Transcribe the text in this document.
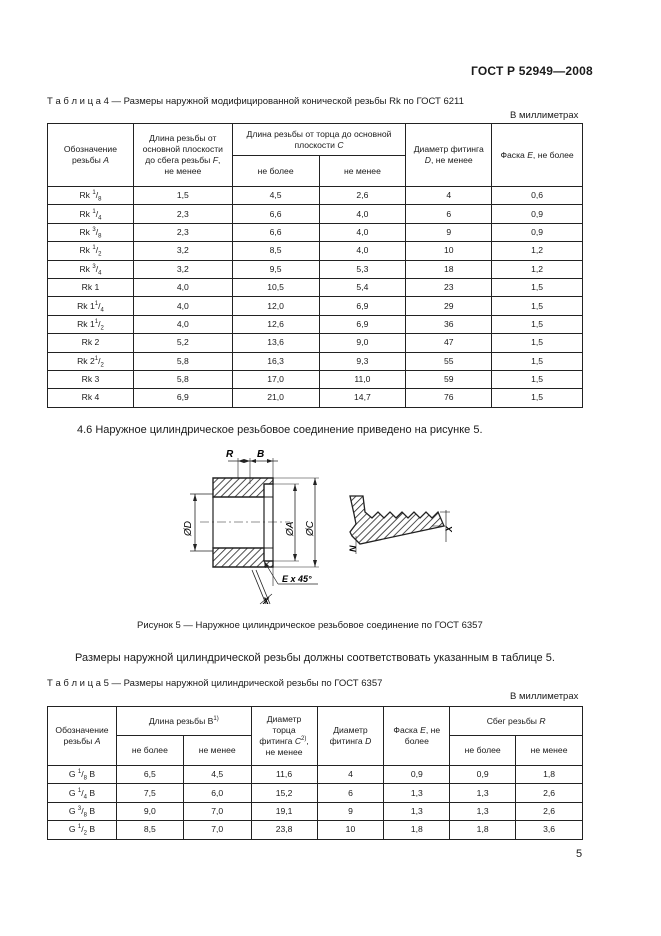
ГОСТ Р 52949—2008
Т а б л и ц а 4 — Размеры наружной модифицированной конической резьбы Rk по ГОСТ 6211
В миллиметрах
Обозначение
резьбы A	Длина резьбы от
основной плоскости
до сбега резьбы F,
не менее	Длина резьбы от торца до основной
плоскости C		Диаметр фитинга
D, не менее	Фаска E, не более
		не более	не менее		
Rk $^1/_8$	1,5	4,5	2,6	4	0,6
Rk $^1/_4$	2,3	6,6	4,0	6	0,9
Rk $^3/_8$	2,3	6,6	4,0	9	0,9
Rk $^1/_2$	3,2	8,5	4,0	10	1,2
Rk $^3/_4$	3,2	9,5	5,3	18	1,2
Rk 1	4,0	10,5	5,4	23	1,5
Rk $1^1/_4$	4,0	12,0	6,9	29	1,5
Rk $1^1/_2$	4,0	12,6	6,9	36	1,5
Rk 2	5,2	13,6	9,0	47	1,5
Rk $2^1/_2$	5,8	16,3	9,3	55	1,5
Rk 3	5,8	17,0	11,0	59	1,5
Rk 4	6,9	21,0	14,7	76	1,5
4.6 Наружное цилиндрическое резьбовое соединение приведено на рисунке 5.
ØD	ØA ØC
R B
E x 45°
X
X
N
Рисунок 5 — Наружное цилиндрическое резьбовое соединение по ГОСТ 6357
Размеры наружной цилиндрической резьбы должны соответствовать указанным в таблице 5.
Т а б л и ц а 5 — Размеры наружной цилиндрической резьбы по ГОСТ 6357
В миллиметрах
Обозначение
резьбы A	Длина резьбы $B^{1)}$		Диаметр
торца
фитинга $C^{2)}$,
не менее	Диаметр
фитинга D	Фаска E, не
более	Сбег резьбы R	
	не более	не менее				не более	не менее
G $^1/_8$ B	6,5	4,5	11,6	4	0,9	0,9	1,8
G $^1/_4$ B	7,5	6,0	15,2	6	1,3	1,3	2,6
G $^3/_8$ B	9,0	7,0	19,1	9	1,3	1,3	2,6
G $^1/_2$ B	8,5	7,0	23,8	10	1,8	1,8	3,6
5
